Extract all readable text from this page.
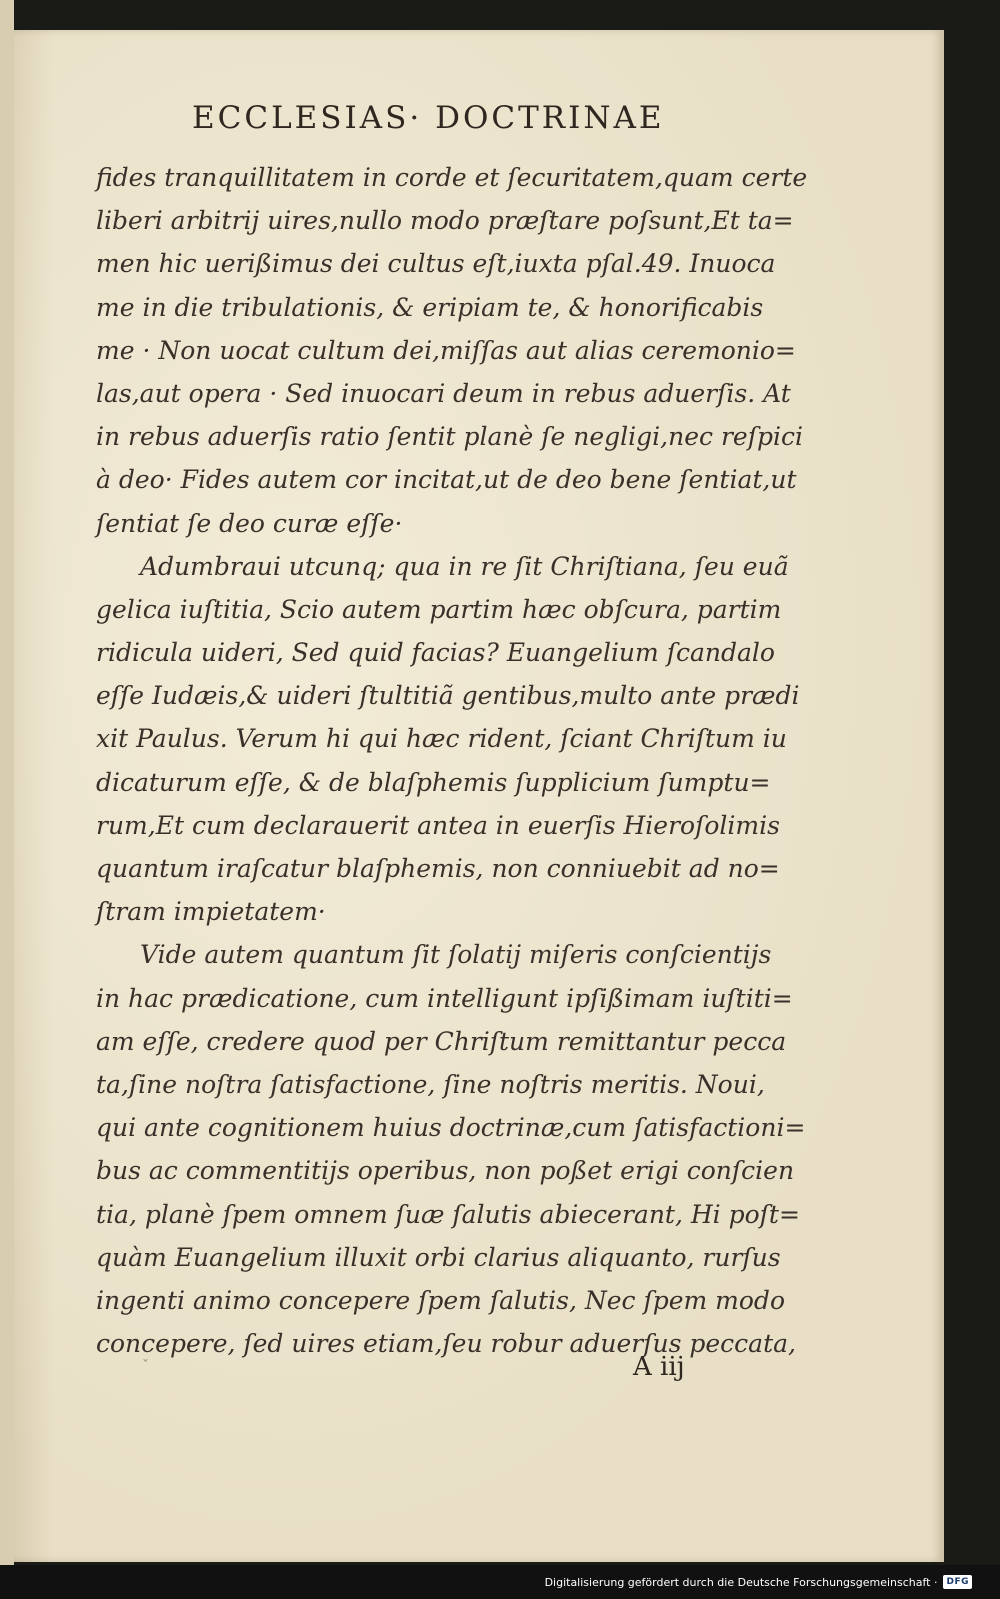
ECCLESIAS· DOCTRINAE
fides tranquillitatem in corde et ſecuritatem,quam certe
liberi arbitrij uires,nullo modo præſtare poſsunt,Et ta=
men hic uerißimus dei cultus eſt,iuxta pſal.49. Inuoca
me in die tribulationis, & eripiam te, & honorificabis
me · Non uocat cultum dei,miſſas aut alias ceremonio=
las,aut opera · Sed inuocari deum in rebus aduerſis. At
in rebus aduerſis ratio ſentit planè ſe negligi,nec reſpici
à deo· Fides autem cor incitat,ut de deo bene ſentiat,ut
ſentiat ſe deo curæ eſſe·
Adumbraui utcunq; qua in re ſit Chriſtiana, ſeu euã
gelica iuſtitia, Scio autem partim hæc obſcura, partim
ridicula uideri, Sed quid facias? Euangelium ſcandalo
eſſe Iudæis,& uideri ſtultitiã gentibus,multo ante prædi
xit Paulus. Verum hi qui hæc rident, ſciant Chriſtum iu
dicaturum eſſe, & de blaſphemis ſupplicium ſumptu=
rum,Et cum declarauerit antea in euerſis Hieroſolimis
quantum iraſcatur blaſphemis, non conniuebit ad no=
ſtram impietatem·
Vide autem quantum ſit ſolatij miſeris conſcientijs
in hac prædicatione, cum intelligunt ipſißimam iuſtiti=
am eſſe, credere quod per Chriſtum remittantur pecca
ta,ſine noſtra ſatisfactione, ſine noſtris meritis. Noui,
qui ante cognitionem huius doctrinæ,cum ſatisfactioni=
bus ac commentitijs operibus, non poßet erigi conſcien
tia, planè ſpem omnem ſuæ ſalutis abiecerant, Hi poſt=
quàm Euangelium illuxit orbi clarius aliquanto, rurſus
ingenti animo concepere ſpem ſalutis, Nec ſpem modo
concepere, ſed uires etiam,ſeu robur aduerſus peccata,
ˇ	A iij
Digitalisierung gefördert durch die Deutsche Forschungsgemeinschaft ·	DFG
